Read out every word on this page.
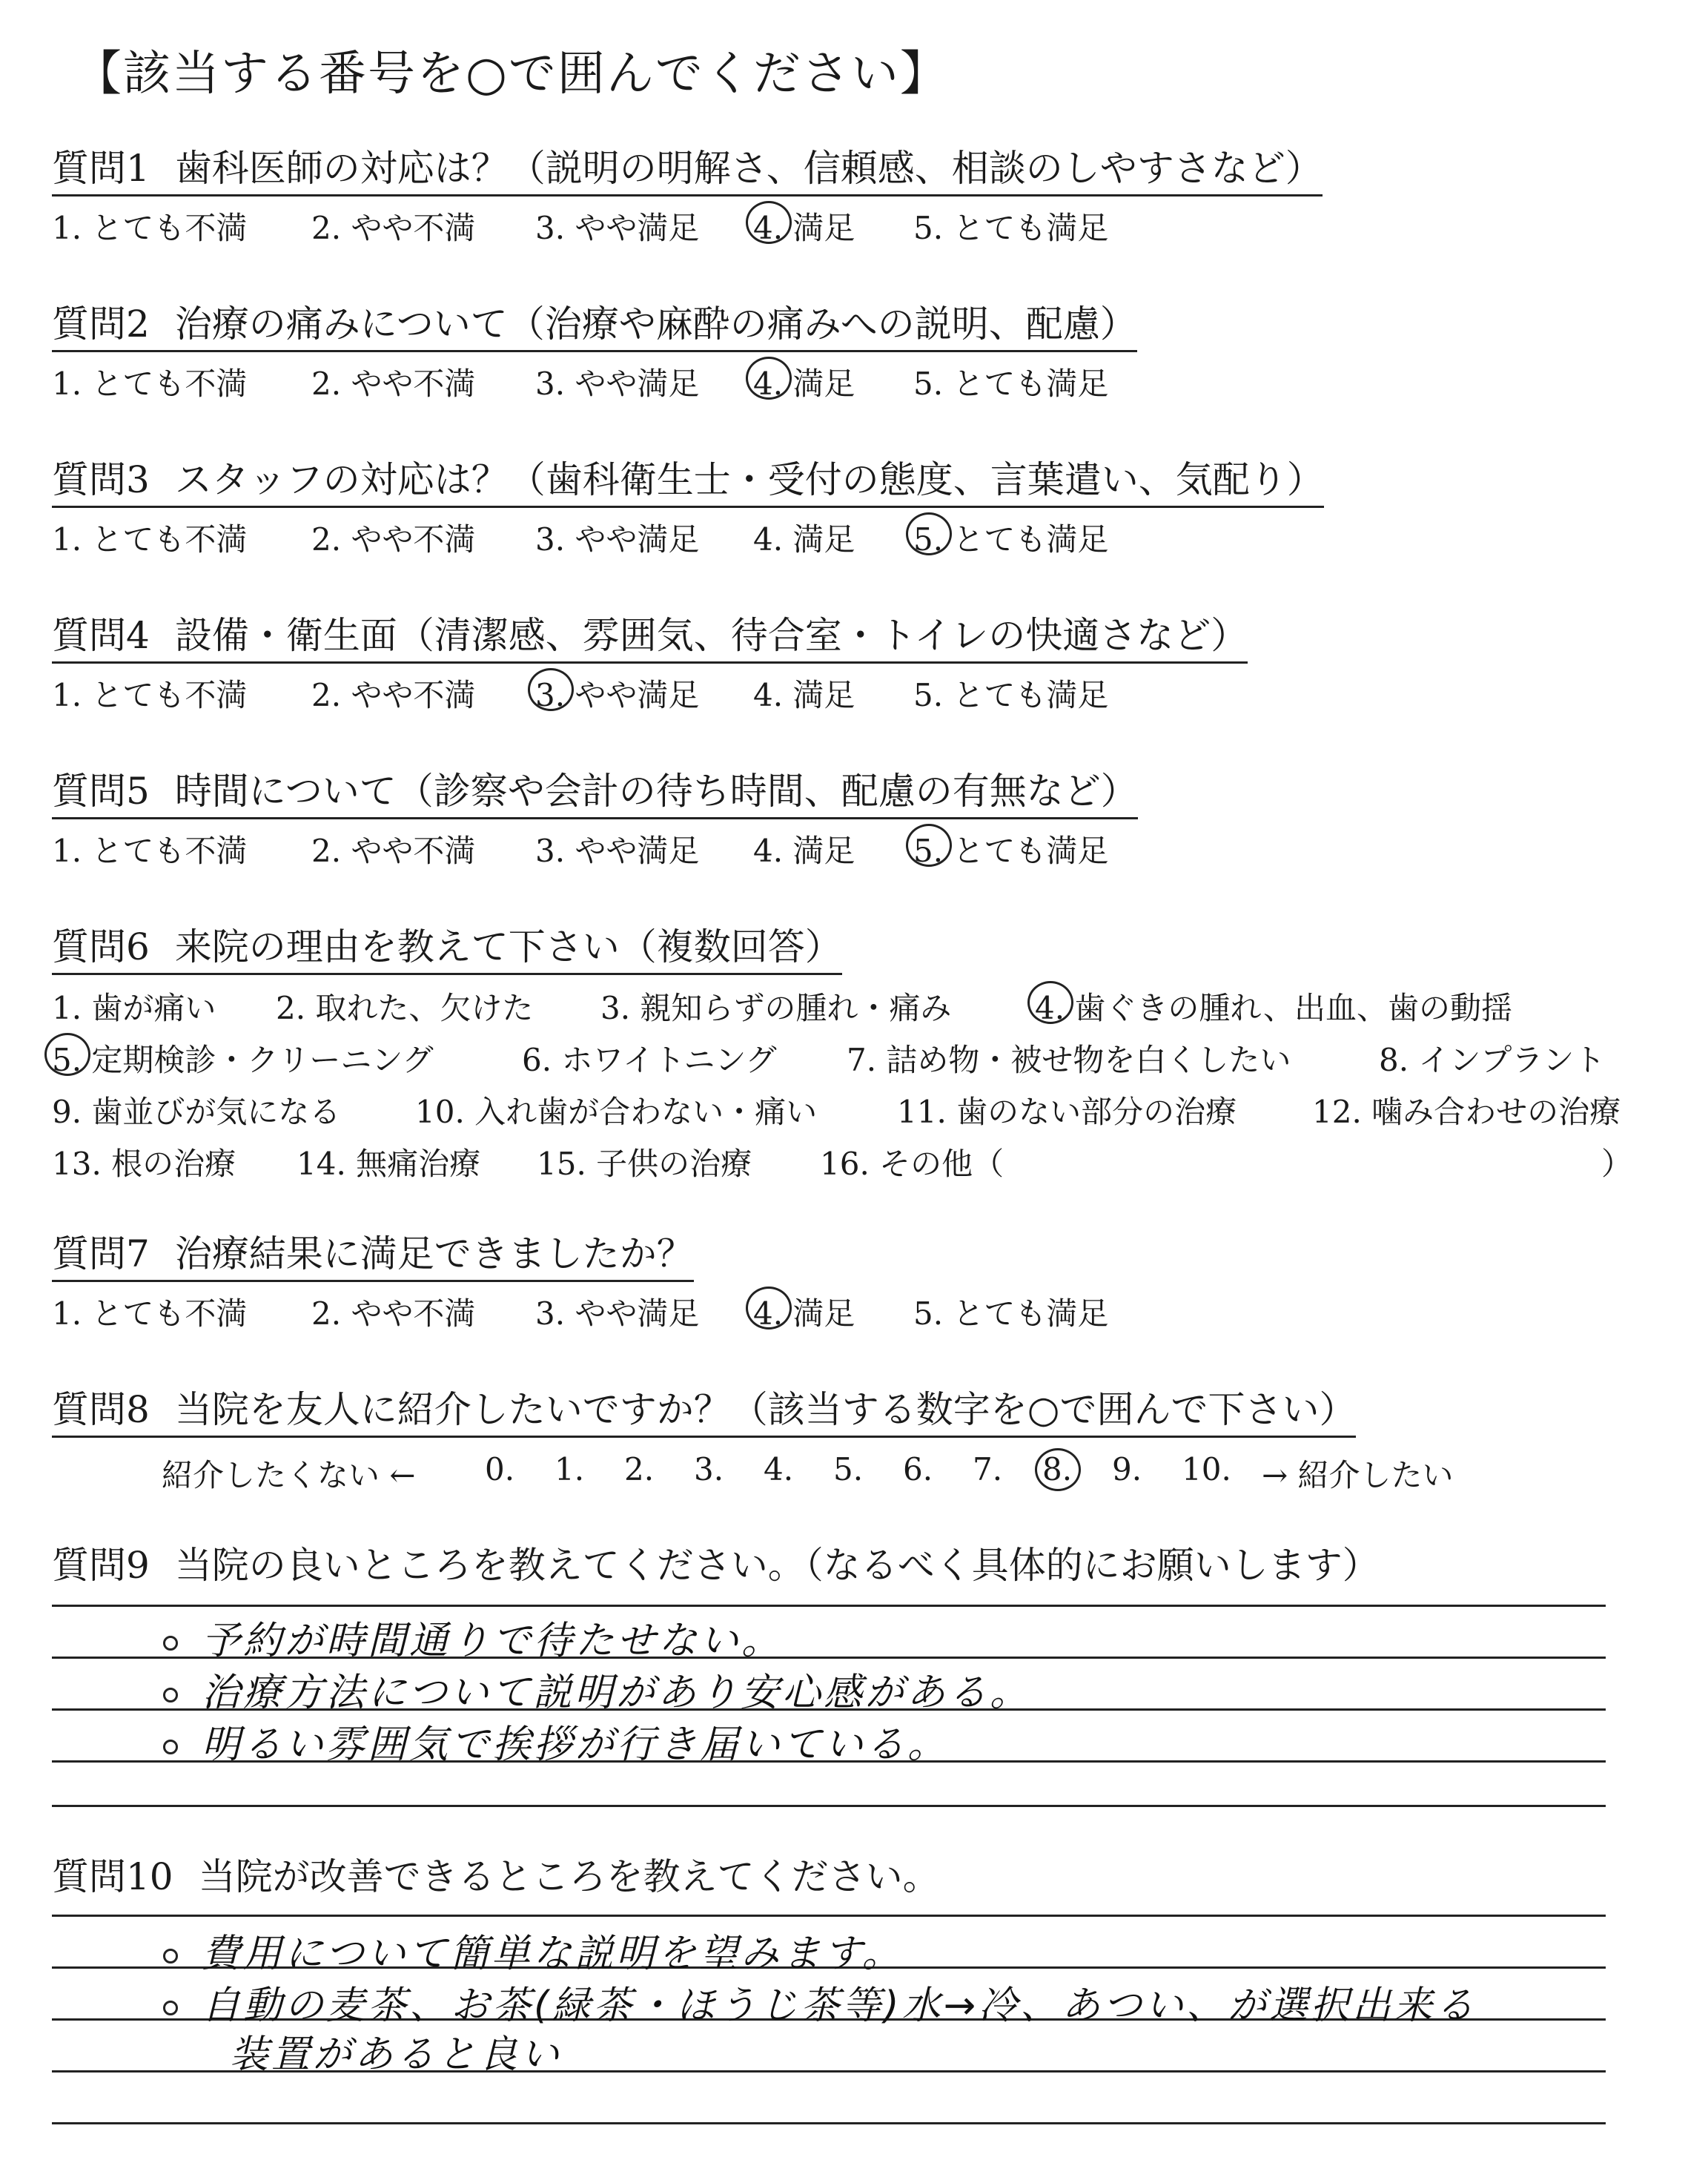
【該当する番号を○で囲んでください】
質問1 歯科医師の対応は？（説明の明解さ、信頼感、相談のしやすさなど）
1. とても不満 2. やや不満 3. やや満足 4. 満足 5. とても満足
質問2 治療の痛みについて（治療や麻酔の痛みへの説明、配慮）
1. とても不満 2. やや不満 3. やや満足 4. 満足 5. とても満足
質問3 スタッフの対応は？（歯科衛生士・受付の態度、言葉遣い、気配り）
1. とても不満 2. やや不満 3. やや満足 4. 満足 5. とても満足
質問4 設備・衛生面（清潔感、雰囲気、待合室・トイレの快適さなど）
1. とても不満 2. やや不満 3. やや満足 4. 満足 5. とても満足
質問5 時間について（診察や会計の待ち時間、配慮の有無など）
1. とても不満 2. やや不満 3. やや満足 4. 満足 5. とても満足
質問6 来院の理由を教えて下さい（複数回答）
1. 歯が痛い 2. 取れた、欠けた 3. 親知らずの腫れ・痛み	4. 歯ぐきの腫れ、出血、歯の動揺
5. 定期検診・クリーニング	6. ホワイトニング 7. 詰め物・被せ物を白くしたい	8. インプラント
9. 歯並びが気になる 10. 入れ歯が合わない・痛い	11. 歯のない部分の治療 12. 噛み合わせの治療
13. 根の治療 14. 無痛治療 15. 子供の治療 16. その他（	）
質問7 治療結果に満足できましたか？
1. とても不満 2. やや不満 3. やや満足 4. 満足 5. とても満足
質問8 当院を友人に紹介したいですか？（該当する数字を○で囲んで下さい）
紹介したくない ← 0. 1. 2. 3. 4. 5. 6. 7. 8. 9. 10. → 紹介したい
質問9 当院の良いところを教えてください。（なるべく具体的にお願いします）
予約が時間通りで待たせない。
治療方法について説明があり安心感がある。
明るい雰囲気で挨拶が行き届いている。
質問10 当院が改善できるところを教えてください。
費用について簡単な説明を望みます。
自動の麦茶、お茶(緑茶・ほうじ茶等)水→冷、あつい、が選択出来る
装置があると良い
